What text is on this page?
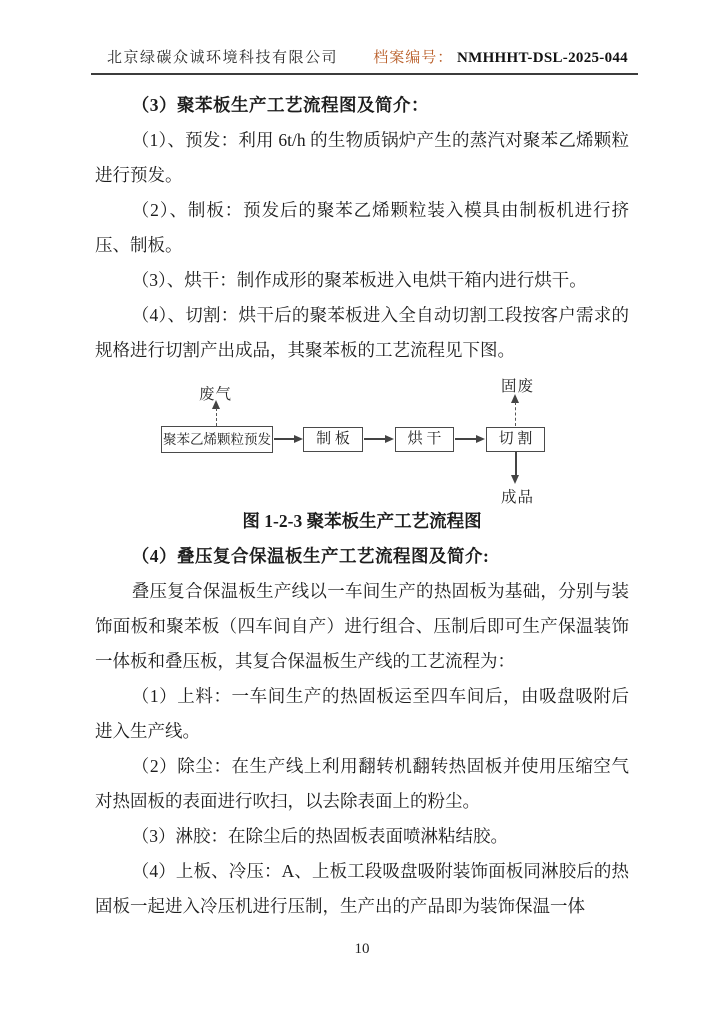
北京绿碳众诚环境科技有限公司 档案编号： NMHHHT-DSL-2025-044

（3）聚苯板生产工艺流程图及简介：

（1）、预发：利用 6t/h 的生物质锅炉产生的蒸汽对聚苯乙烯颗粒进行预发。

（2）、制板：预发后的聚苯乙烯颗粒装入模具由制板机进行挤压、制板。

（3）、烘干：制作成形的聚苯板进入电烘干箱内进行烘干。

（4）、切割：烘干后的聚苯板进入全自动切割工段按客户需求的规格进行切割产出成品，其聚苯板的工艺流程见下图。

废气
聚苯乙烯颗粒预发	制 板	烘 干	切 割
固废
成品

图 1-2-3 聚苯板生产工艺流程图

（4）叠压复合保温板生产工艺流程图及简介:

叠压复合保温板生产线以一车间生产的热固板为基础，分别与装饰面板和聚苯板（四车间自产）进行组合、压制后即可生产保温装饰一体板和叠压板，其复合保温板生产线的工艺流程为：

（1）上料：一车间生产的热固板运至四车间后，由吸盘吸附后进入生产线。

（2）除尘：在生产线上利用翻转机翻转热固板并使用压缩空气对热固板的表面进行吹扫，以去除表面上的粉尘。

（3）淋胶：在除尘后的热固板表面喷淋粘结胶。

（4）上板、冷压：A、上板工段吸盘吸附装饰面板同淋胶后的热固板一起进入冷压机进行压制，生产出的产品即为装饰保温一体

10
